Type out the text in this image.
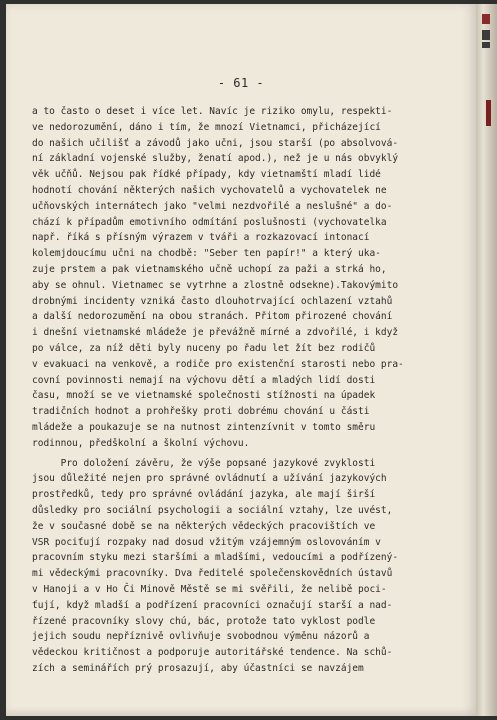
- 61 -
a to často o deset i více let. Navíc je riziko omylu, respekti-
ve nedorozumění, dáno i tím, že mnozí Vietnamci, přicházející
do našich učilišť a závodů jako učni, jsou starší (po absolvová-
ní základní vojenské služby, ženatí apod.), než je u nás obvyklý
věk učňů. Nejsou pak řídké případy, kdy vietnamští mladí lidé
hodnotí chování některých našich vychovatelů a vychovatelek ne
učňovských internátech jako "velmi nezdvořilé a neslušné" a do-
chází k případům emotivního odmítání poslušnosti (vychovatelka
např. říká s přísným výrazem v tváři a rozkazovací intonací
kolemjdoucímu učni na chodbě: "Seber ten papír!" a který uka-
zuje prstem a pak vietnamského učně uchopí za paži a strká ho,
aby se ohnul. Vietnamec se vytrhne a zlostně odsekne).Takovýmito
drobnými incidenty vzniká často dlouhotrvající ochlazení vztahů
a další nedorozumění na obou stranách. Přitom přirozené chování
i dnešní vietnamské mládeže je převážně mírné a zdvořilé, i když
po válce, za níž děti byly nuceny po řadu let žít bez rodičů
v evakuaci na venkově, a rodiče pro existenční starosti nebo pra-
covní povinnosti nemají na výchovu dětí a mladých lidí dosti
času, množí se ve vietnamské společnosti stížnosti na úpadek
tradičních hodnot a prohřešky proti dobrému chování u části
mládeže a poukazuje se na nutnost zintenzívnit v tomto směru
rodinnou, předškolní a školní výchovu.
Pro doložení závěru, že výše popsané jazykové zvyklosti
jsou důležité nejen pro správné ovládnutí a užívání jazykových
prostředků, tedy pro správné ovládání jazyka, ale mají širší
důsledky pro sociální psychologii a sociální vztahy, lze uvést,
že v současné době se na některých vědeckých pracovištích ve
VSR pociťují rozpaky nad dosud vžitým vzájemným oslovováním v
pracovním styku mezi staršími a mladšími, vedoucími a podřízený-
mi vědeckými pracovníky. Dva ředitelé společenskovědních ústavů
v Hanoji a v Ho Či Minově Městě se mi svěřili, že nelibě poci-
ťují, když mladší a podřízení pracovníci označují starší a nad-
řízené pracovníky slovy chú, bác, protože tato vyklost podle
jejich soudu nepříznivě ovlivňuje svobodnou výměnu názorů a
vědeckou kritičnost a podporuje autoritářské tendence. Na schů-
zích a seminářích prý prosazují, aby účastníci se navzájem
